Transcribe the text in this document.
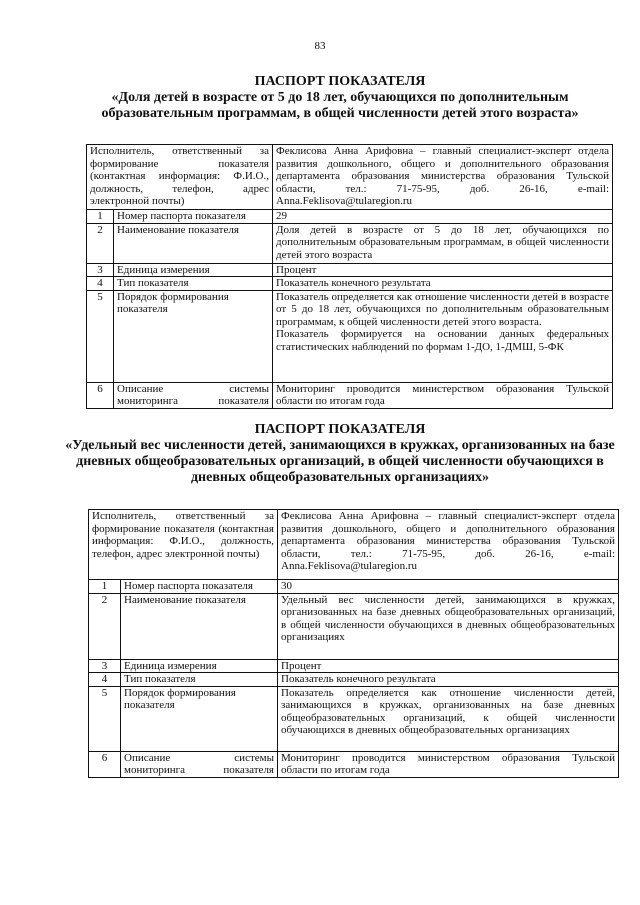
83
ПАСПОРТ ПОКАЗАТЕЛЯ
«Доля детей в возрасте от 5 до 18 лет, обучающихся по дополнительным образовательным программам, в общей численности детей этого возраста»
Исполнитель, ответственный за формирование показателя (контактная информация: Ф.И.О., должность, телефон, адрес электронной почты)		Феклисова Анна Арифовна – главный специалист-эксперт отдела развития дошкольного, общего и дополнительного образования департамента образования министерства образования Тульской области, тел.: 71-75-95, доб. 26-16, e-mail: Anna.Feklisova@tularegion.ru
1	Номер паспорта показателя	29
2	Наименование показателя	Доля детей в возрасте от 5 до 18 лет, обучающихся по дополнительным образовательным программам, в общей численности детей этого возраста
3	Единица измерения	Процент
4	Тип показателя	Показатель конечного результата
5	Порядок формирования показателя	Показатель определяется как отношение численности детей в возрасте от 5 до 18 лет, обучающихся по дополнительным образовательным программам, к общей численности детей этого возраста.
Показатель формируется на основании данных федеральных статистических наблюдений по формам 1-ДО, 1-ДМШ, 5-ФК

6	Описание системы мониторинга показателя	Мониторинг проводится министерством образования Тульской области по итогам года
ПАСПОРТ ПОКАЗАТЕЛЯ
«Удельный вес численности детей, занимающихся в кружках, организованных на базе дневных общеобразовательных организаций, в общей численности обучающихся в дневных общеобразовательных организациях»
Исполнитель, ответственный за формирование показателя (контактная информация: Ф.И.О., должность, телефон, адрес электронной почты)		Феклисова Анна Арифовна – главный специалист-эксперт отдела развития дошкольного, общего и дополнительного образования департамента образования министерства образования Тульской области, тел.: 71-75-95, доб. 26-16, e-mail: Anna.Feklisova@tularegion.ru
1	Номер паспорта показателя	30
2	Наименование показателя	Удельный вес численности детей, занимающихся в кружках, организованных на базе дневных общеобразовательных организаций, в общей численности обучающихся в дневных общеобразовательных организациях
3	Единица измерения	Процент
4	Тип показателя	Показатель конечного результата
5	Порядок формирования показателя	Показатель определяется как отношение численности детей, занимающихся в кружках, организованных на базе дневных общеобразовательных организаций, к общей численности обучающихся в дневных общеобразовательных организациях
6	Описание системы мониторинга показателя	Мониторинг проводится министерством образования Тульской области по итогам года
